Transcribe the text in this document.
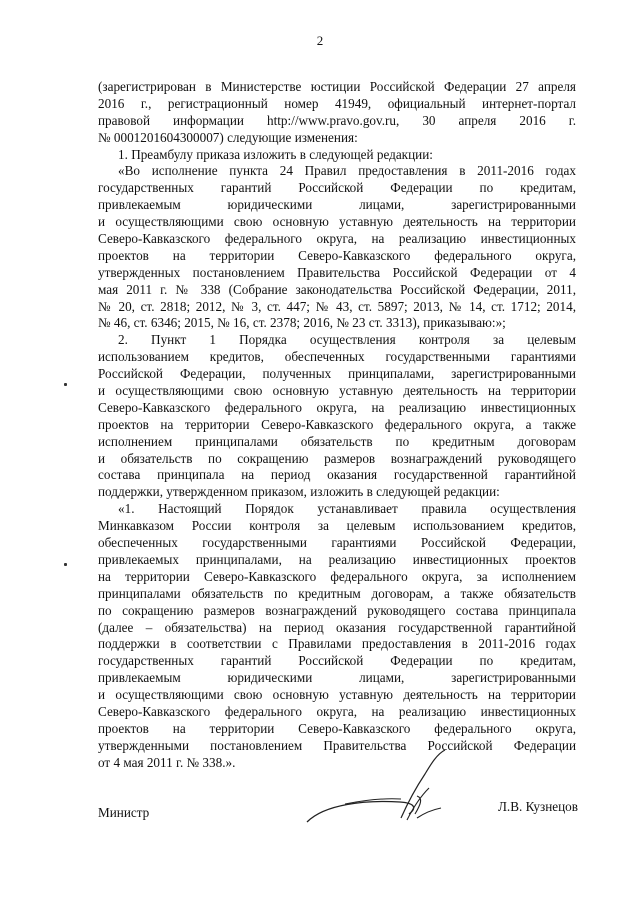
2
(зарегистрирован в Министерстве юстиции Российской Федерации 27 апреля
2016 г., регистрационный номер 41949, официальный интернет-портал
правовой информации http://www.pravo.gov.ru, 30 апреля 2016 г.
№ 0001201604300007) следующие изменения:
1. Преамбулу приказа изложить в следующей редакции:
«Во исполнение пункта 24 Правил предоставления в 2011-2016 годах
государственных гарантий Российской Федерации по кредитам,
привлекаемым юридическими лицами, зарегистрированными
и осуществляющими свою основную уставную деятельность на территории
Северо-Кавказского федерального округа, на реализацию инвестиционных
проектов на территории Северо-Кавказского федерального округа,
утвержденных постановлением Правительства Российской Федерации от 4
мая 2011 г. № 338 (Собрание законодательства Российской Федерации, 2011,
№ 20, ст. 2818; 2012, № 3, ст. 447; № 43, ст. 5897; 2013, № 14, ст. 1712; 2014,
№ 46, ст. 6346; 2015, № 16, ст. 2378; 2016, № 23 ст. 3313), приказываю:»;
2. Пункт 1 Порядка осуществления контроля за целевым
использованием кредитов, обеспеченных государственными гарантиями
Российской Федерации, полученных принципалами, зарегистрированными
и осуществляющими свою основную уставную деятельность на территории
Северо-Кавказского федерального округа, на реализацию инвестиционных
проектов на территории Северо-Кавказского федерального округа, а также
исполнением принципалами обязательств по кредитным договорам
и обязательств по сокращению размеров вознаграждений руководящего
состава принципала на период оказания государственной гарантийной
поддержки, утвержденном приказом, изложить в следующей редакции:
«1. Настоящий Порядок устанавливает правила осуществления
Минкавказом России контроля за целевым использованием кредитов,
обеспеченных государственными гарантиями Российской Федерации,
привлекаемых принципалами, на реализацию инвестиционных проектов
на территории Северо-Кавказского федерального округа, за исполнением
принципалами обязательств по кредитным договорам, а также обязательств
по сокращению размеров вознаграждений руководящего состава принципала
(далее – обязательства) на период оказания государственной гарантийной
поддержки в соответствии с Правилами предоставления в 2011-2016 годах
государственных гарантий Российской Федерации по кредитам,
привлекаемым юридическими лицами, зарегистрированными
и осуществляющими свою основную уставную деятельность на территории
Северо-Кавказского федерального округа, на реализацию инвестиционных
проектов на территории Северо-Кавказского федерального округа,
утвержденными постановлением Правительства Российской Федерации
от 4 мая 2011 г. № 338.».
Министр	Л.В. Кузнецов
